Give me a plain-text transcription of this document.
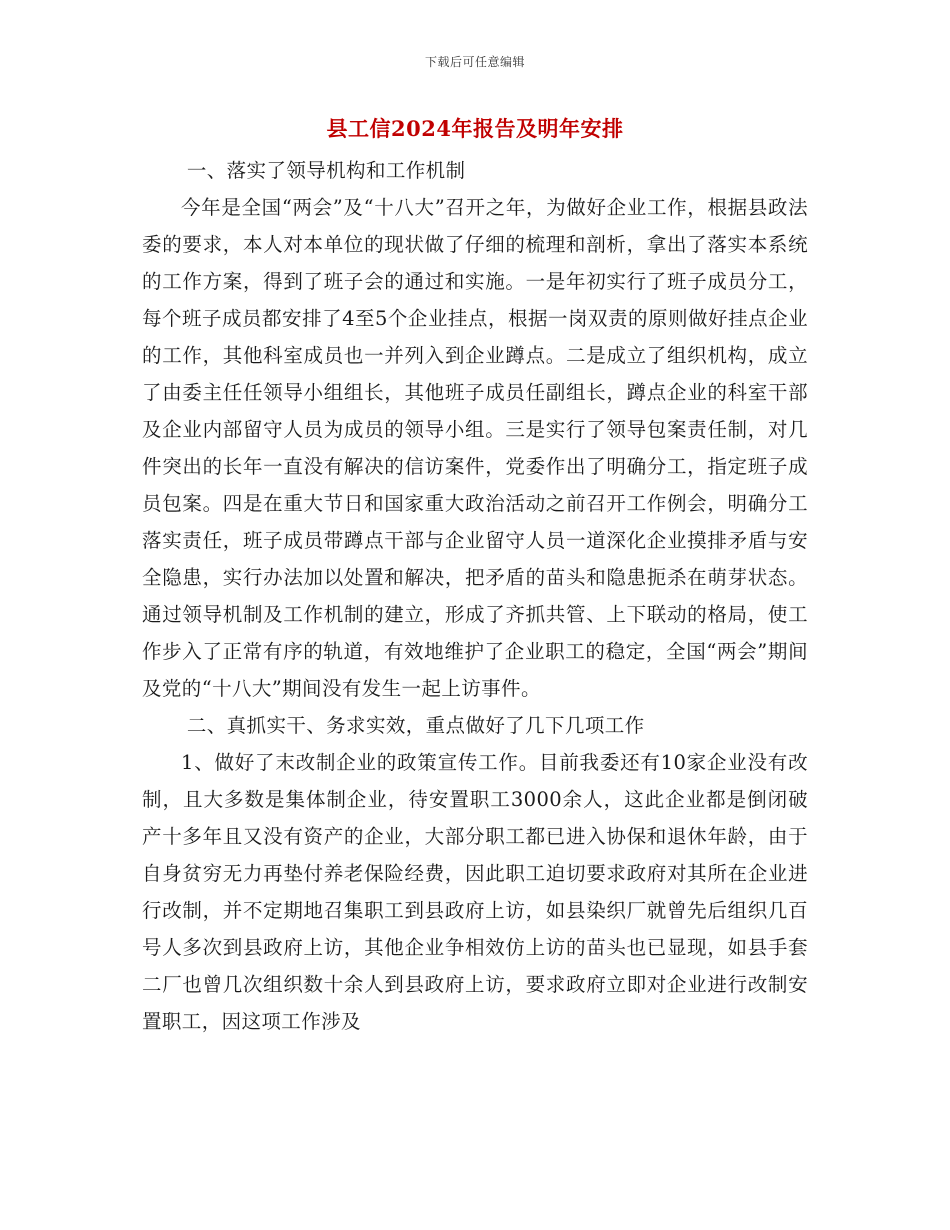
下载后可任意编辑
县工信2024年报告及明年安排

一、落实了领导机构和工作机制

今年是全国“两会”及“十八大”召开之年，为做好企业工作，根据县政法委的要求，本人对本单位的现状做了仔细的梳理和剖析，拿出了落实本系统的工作方案，得到了班子会的通过和实施。一是年初实行了班子成员分工，每个班子成员都安排了4至5个企业挂点，根据一岗双责的原则做好挂点企业的工作，其他科室成员也一并列入到企业蹲点。二是成立了组织机构，成立了由委主任任领导小组组长，其他班子成员任副组长，蹲点企业的科室干部及企业内部留守人员为成员的领导小组。三是实行了领导包案责任制，对几件突出的长年一直没有解决的信访案件，党委作出了明确分工，指定班子成员包案。四是在重大节日和国家重大政治活动之前召开工作例会，明确分工落实责任，班子成员带蹲点干部与企业留守人员一道深化企业摸排矛盾与安全隐患，实行办法加以处置和解决，把矛盾的苗头和隐患扼杀在萌芽状态。通过领导机制及工作机制的建立，形成了齐抓共管、上下联动的格局，使工作步入了正常有序的轨道，有效地维护了企业职工的稳定，全国“两会”期间及党的“十八大”期间没有发生一起上访事件。

二、真抓实干、务求实效，重点做好了几下几项工作

1、做好了末改制企业的政策宣传工作。目前我委还有10家企业没有改制，且大多数是集体制企业，待安置职工3000余人，这此企业都是倒闭破产十多年且又没有资产的企业，大部分职工都已进入协保和退休年龄，由于自身贫穷无力再垫付养老保险经费，因此职工迫切要求政府对其所在企业进行改制，并不定期地召集职工到县政府上访，如县染织厂就曾先后组织几百号人多次到县政府上访，其他企业争相效仿上访的苗头也已显现，如县手套二厂也曾几次组织数十余人到县政府上访，要求政府立即对企业进行改制安置职工，因这项工作涉及
